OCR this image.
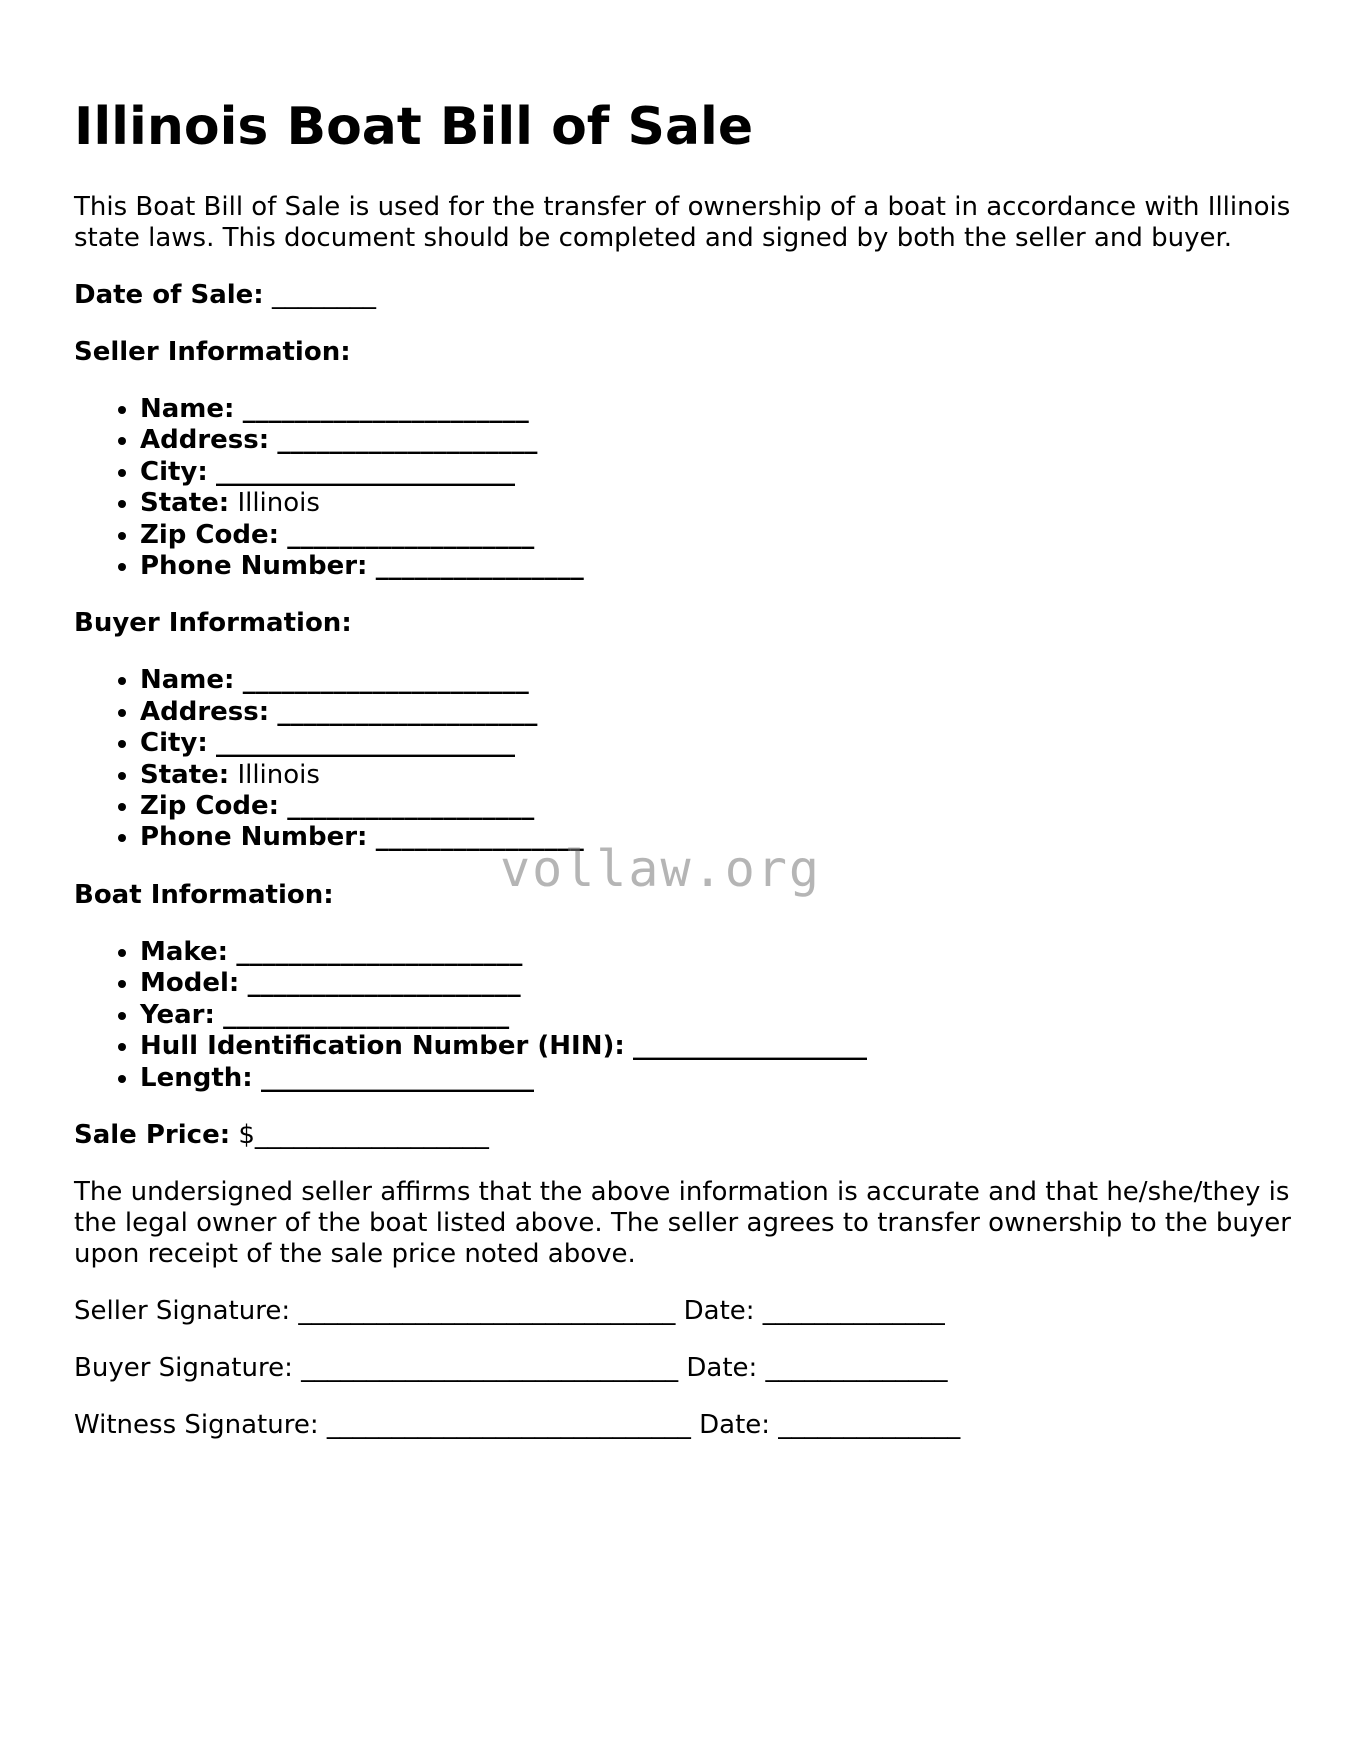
Illinois Boat Bill of Sale

This Boat Bill of Sale is used for the transfer of ownership of a boat in accordance with Illinois state laws. This document should be completed and signed by both the seller and buyer.

Date of Sale: ________

Seller Information:

• Name: ______________________
• Address: ____________________
• City: _______________________
• State: Illinois
• Zip Code: ___________________
• Phone Number: ________________

Buyer Information:

• Name: ______________________
• Address: ____________________
• City: _______________________
• State: Illinois
• Zip Code: ___________________
• Phone Number: ________________

Boat Information:

• Make: ______________________
• Model: _____________________
• Year: ______________________
• Hull Identification Number (HIN): __________________
• Length: _____________________

Sale Price: $__________________

The undersigned seller affirms that the above information is accurate and that he/she/they is the legal owner of the boat listed above. The seller agrees to transfer ownership to the buyer upon receipt of the sale price noted above.

Seller Signature: _____________________________ Date: ______________

Buyer Signature: _____________________________ Date: ______________

Witness Signature: ____________________________ Date: ______________

vollaw.org
